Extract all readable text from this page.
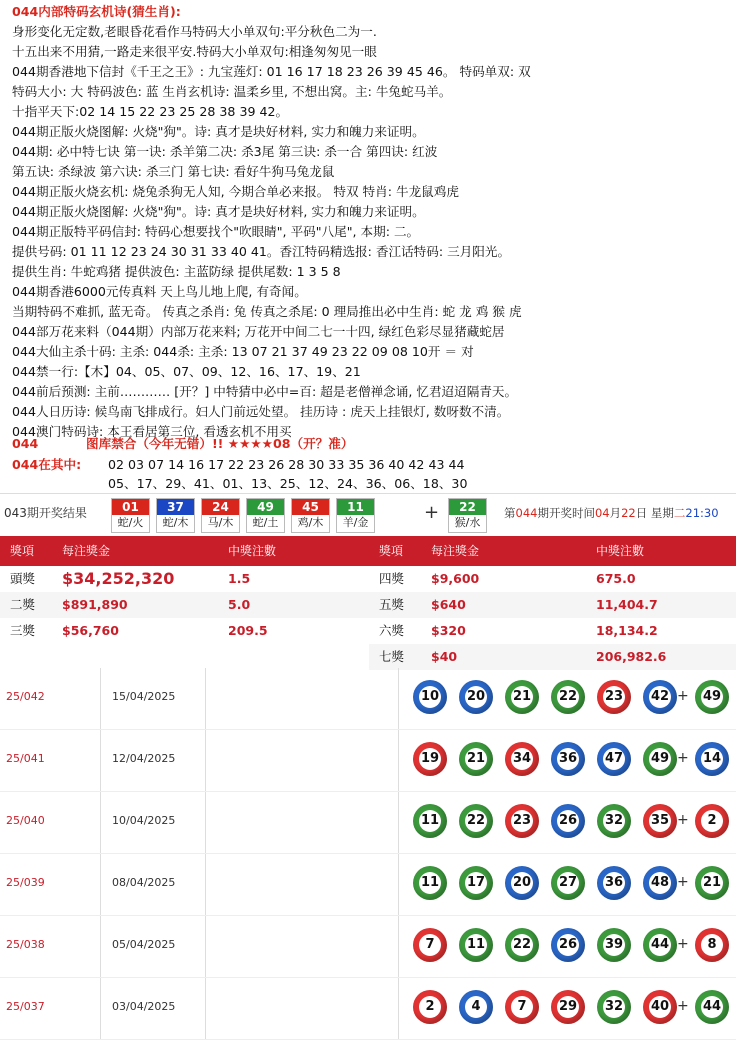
044内部特码玄机诗(猜生肖):
身形变化无定数,老眼昏花看作马特码大小单双句:平分秋色二为一.
十五出来不用猜,一路走来很平安.特码大小单双句:相逢匆匆见一眼
044期香港地下信封《千王之王》: 九宝莲灯: 01 16 17 18 23 26 39 45 46。 特码单双: 双
特码大小: 大 特码波色: 蓝 生肖玄机诗: 温柔乡里, 不想出窝。主: 牛兔蛇马羊。
十指平天下:02 14 15 22 23 25 28 38 39 42。
044期正版火烧图解: 火烧"狗"。诗: 真才是块好材料, 实力和魄力来证明。
044期: 必中特七诀 第一诀: 杀羊第二决: 杀3尾 第三诀: 杀一合 第四诀: 红波
第五诀: 杀绿波 第六诀: 杀三门 第七诀: 看好牛狗马兔龙鼠
044期正版火烧玄机: 烧兔杀狗无人知, 今期合单必来报。 特双 特肖: 牛龙鼠鸡虎
044期正版火烧图解: 火烧"狗"。诗: 真才是块好材料, 实力和魄力来证明。
044期正版特平码信封: 特码心想要找个"吹眼睛", 平码"八尾", 本期: 二。
提供号码: 01 11 12 23 24 30 31 33 40 41。香江特码精选报: 香江话特码: 三月阳光。
提供生肖: 牛蛇鸡猪 提供波色: 主蓝防绿 提供尾数: 1 3 5 8
044期香港6000元传真料 天上鸟儿地上爬, 有奇闻。
当期特码不难抓, 蓝无奇。 传真之杀肖: 兔 传真之杀尾: 0 理局推出必中生肖: 蛇 龙 鸡 猴 虎
044部万花来料（044期）内部万花来料; 万花开中间二七一十四, 绿红色彩尽显猪藏蛇居
044大仙主杀十码: 主杀: 044杀: 主杀: 13 07 21 37 49 23 22 09 08 10开 ＝ 对
044禁一行:【木】04、05、07、09、12、16、17、19、21
044前后预测: 主前………… [开？] 中特猜中必中=百: 超是老僧禅念诵, 忆君迢迢隔青天。
044人日历诗: 候鸟南飞排成行。妇人门前远处望。 挂历诗 : 虎天上挂银灯, 数呀数不清。
044澳门特码诗: 本王看居第三位, 看透玄机不用买
044	图库禁合（今年无错）!! ★★★★08（开？准）
044在其中: 02 03 07 14 16 17 22 23 26 28 30 33 35 36 40 42 43 44
05、17、29、41、01、13、25、12、24、36、06、18、30
043期开奖结果	+	第044期开奖时间04月22日 星期二21:30
01
蛇/火
37
蛇/木
24
马/木
49
蛇/土
45
鸡/木
11
羊/金
22
猴/水
獎項 每注獎金	中獎注數	獎項 每注獎金	中獎注數
頭獎 $34,252,320	1.5
二獎 $891,890	5.0
三獎 $56,760	209.5
四獎 $9,600	675.0
五獎 $640	11,404.7
六獎 $320	18,134.2
七獎 $40	206,982.6
25/042	15/04/2025	10 20 21 22 23 42 + 49
25/041	12/04/2025	19 21 34 36 47 49 + 14
25/040	10/04/2025	11 22 23 26 32 35 +	2
25/039	08/04/2025	11 17 20 27 36 48 + 21
25/038	05/04/2025	7	11 22 26 39 44 +	8
25/037	03/04/2025	2	4	7	29 32 40 + 44
